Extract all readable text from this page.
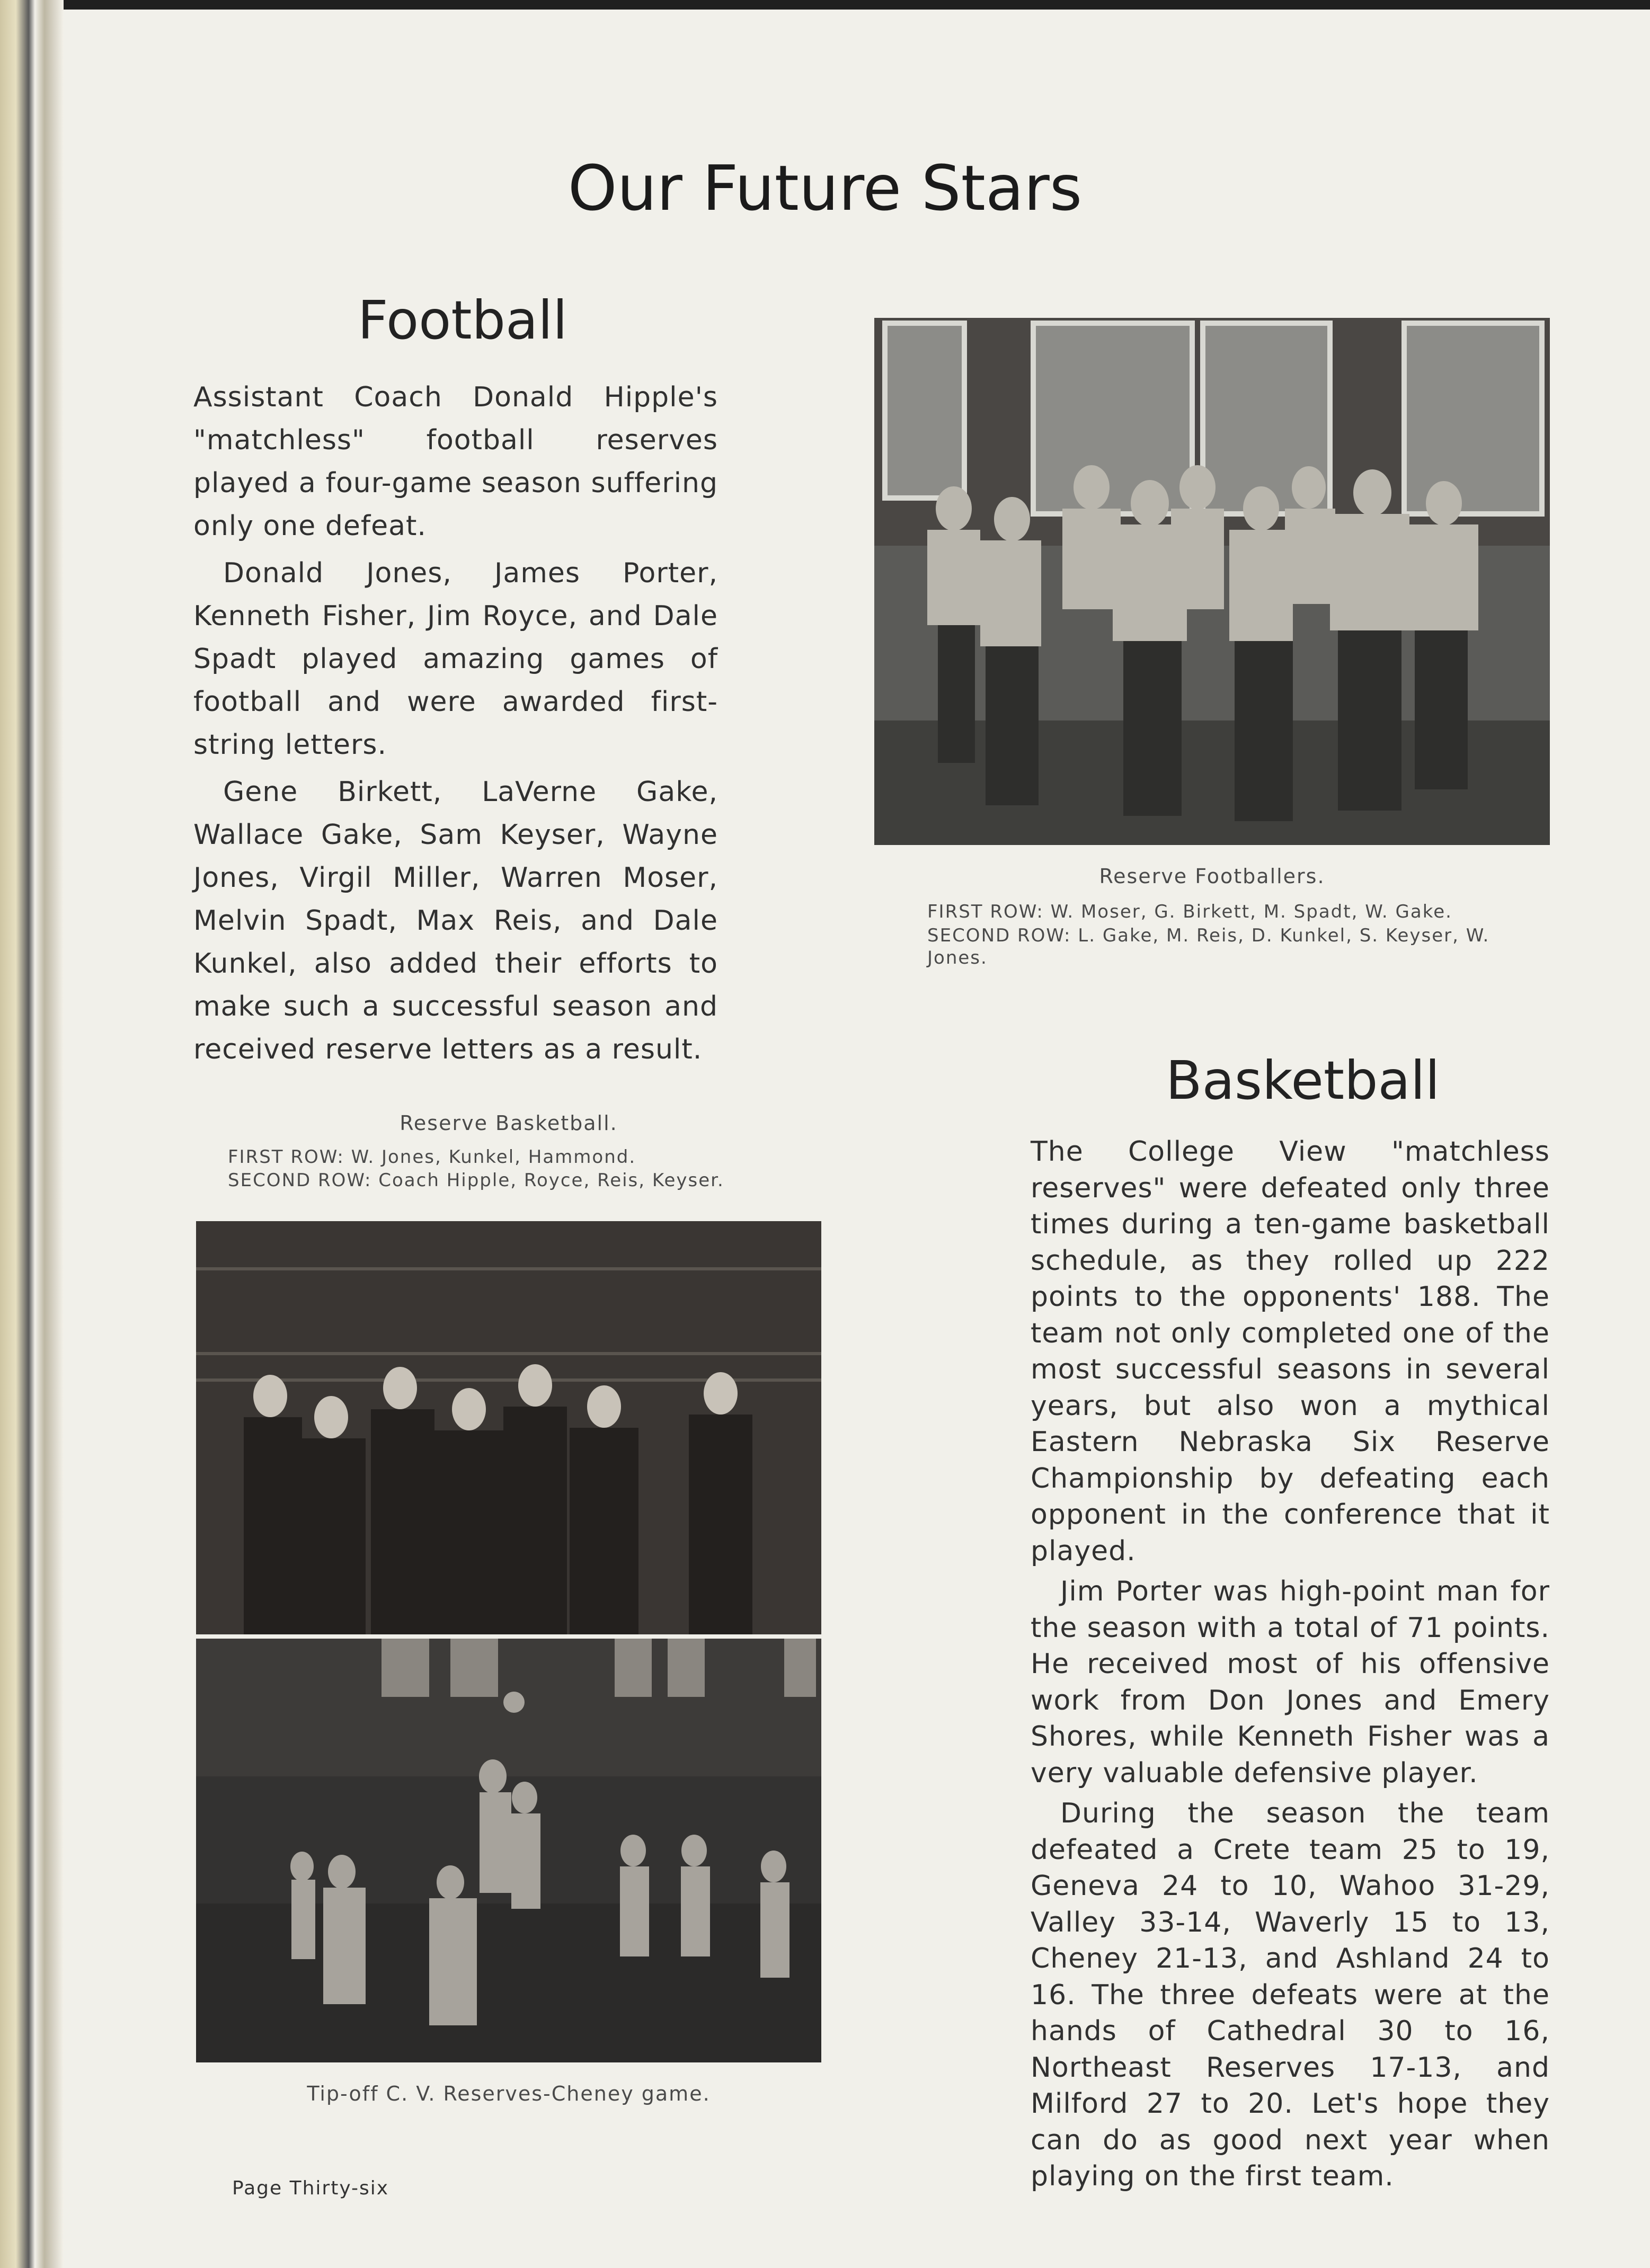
Our Future Stars
Football

Assistant Coach Donald Hipple's "matchless" football reserves played a four-game season suffering only one defeat.

Donald Jones, James Porter, Kenneth Fisher, Jim Royce, and Dale Spadt played amazing games of football and were awarded first-string letters.

Gene Birkett, LaVerne Gake, Wallace Gake, Sam Keyser, Wayne Jones, Virgil Miller, Warren Moser, Melvin Spadt, Max Reis, and Dale Kunkel, also added their efforts to make such a successful season and received reserve letters as a result.

Reserve Footballers.
FIRST ROW: W. Moser, G. Birkett, M. Spadt, W. Gake.
SECOND ROW: L. Gake, M. Reis, D. Kunkel, S. Keyser, W. Jones.
Basketball

The College View "matchless reserves" were defeated only three times during a ten-game basketball schedule, as they rolled up 222 points to the opponents' 188. The team not only completed one of the most successful seasons in several years, but also won a mythical Eastern Nebraska Six Reserve Championship by defeating each opponent in the conference that it played.

Jim Porter was high-point man for the season with a total of 71 points. He received most of his offensive work from Don Jones and Emery Shores, while Kenneth Fisher was a very valuable defensive player.

During the season the team defeated a Crete team 25 to 19, Geneva 24 to 10, Wahoo 31-29, Valley 33-14, Waverly 15 to 13, Cheney 21-13, and Ashland 24 to 16. The three defeats were at the hands of Cathedral 30 to 16, Northeast Reserves 17-13, and Milford 27 to 20. Let's hope they can do as good next year when playing on the first team.

Reserve Basketball.
FIRST ROW: W. Jones, Kunkel, Hammond.
SECOND ROW: Coach Hipple, Royce, Reis, Keyser.
Tip-off C. V. Reserves-Cheney game.
Page Thirty-six
